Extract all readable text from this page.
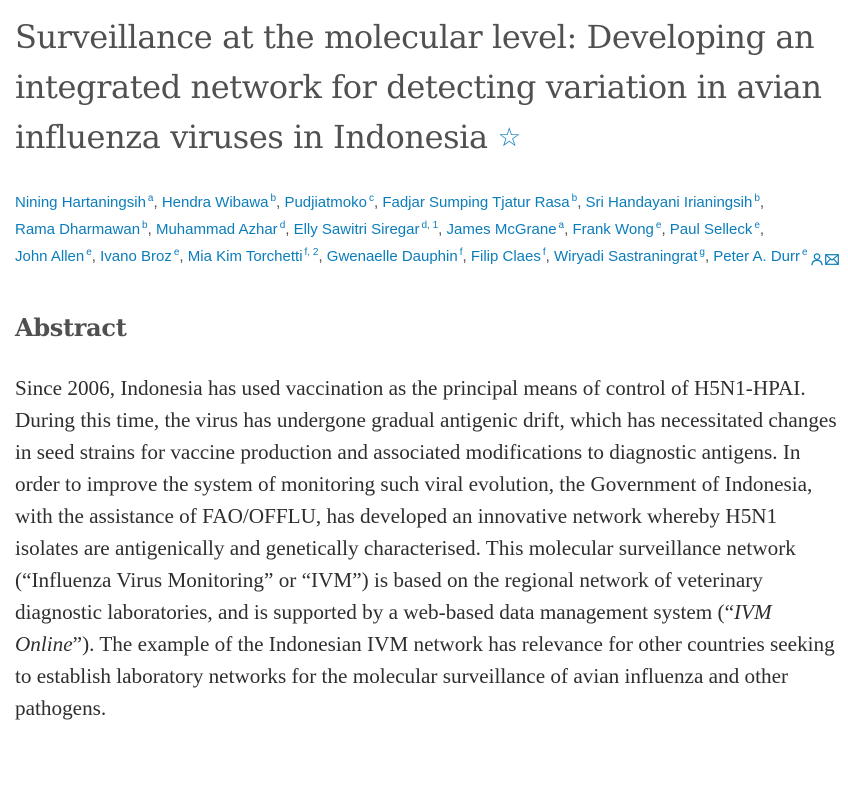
Surveillance at the molecular level: Developing an integrated network for detecting variation in avian influenza viruses in Indonesia ☆
Nining Hartaningsih $^a$, Hendra Wibawa $^b$, Pudjiatmoko $^c$, Fadjar Sumping Tjatur Rasa $^b$, Sri Handayani Irianingsih $^b$, Rama Dharmawan $^b$, Muhammad Azhar $^d$, Elly Sawitri Siregar $^{d, 1}$, James McGrane $^a$, Frank Wong $^e$, Paul Selleck $^e$, John Allen $^e$, Ivano Broz $^e$, Mia Kim Torchetti $^{f, 2}$, Gwenaelle Dauphin $^f$, Filip Claes $^f$, Wiryadi Sastraningrat $^g$, Peter A. Durr $^e$
Abstract

Since 2006, Indonesia has used vaccination as the principal means of control of H5N1-HPAI. During this time, the virus has undergone gradual antigenic drift, which has necessitated changes in seed strains for vaccine production and associated modifications to diagnostic antigens. In order to improve the system of monitoring such viral evolution, the Government of Indonesia, with the assistance of FAO/OFFLU, has developed an innovative network whereby H5N1 isolates are antigenically and genetically characterised. This molecular surveillance network (“Influenza Virus Monitoring” or “IVM”) is based on the regional network of veterinary diagnostic laboratories, and is supported by a web-based data management system (“IVM Online”). The example of the Indonesian IVM network has relevance for other countries seeking to establish laboratory networks for the molecular surveillance of avian influenza and other pathogens.
